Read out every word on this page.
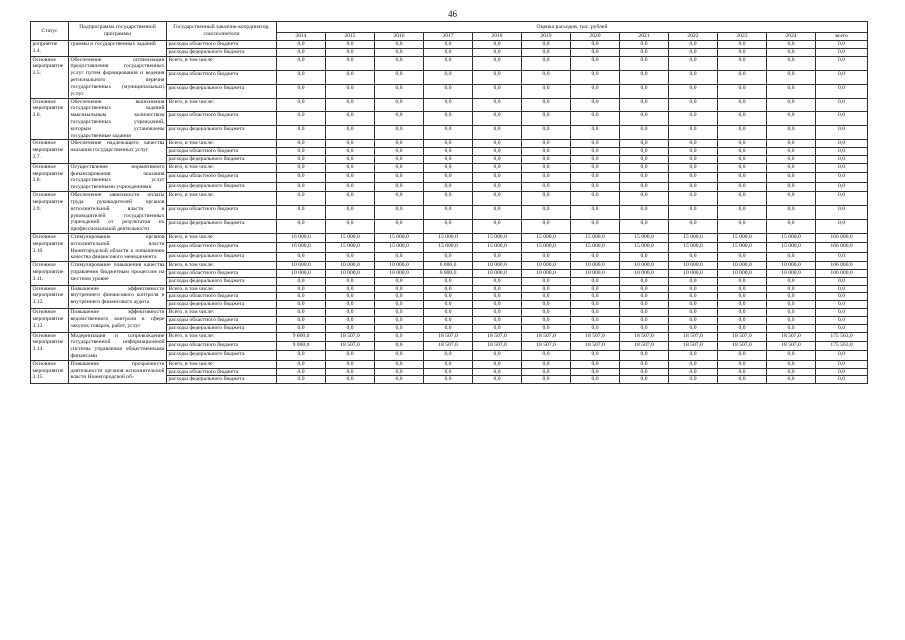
46
Статус	Подпрограмма государственной программы	Государственный заказчик-координатор, соисполнители	Оценка расходов, тыс. рублей											
			2014	2015	2016	2017	2018	2019	2020	2021	2022	2023	2024	всего
роприятие 3.4.	граммы и государственных заданий	расходы областного бюджета	0,0	0,0	0,0	0,0	0,0	0,0	0,0	0,0	0,0	0,0	0,0	0,0
		расходы федерального бюджета	0,0	0,0	0,0	0,0	0,0	0,0	0,0	0,0	0,0	0,0	0,0	0,0
Основное мероприятие 3.5.	Обеспечение оптимизации предоставления государственных услуг путем формирования и ведения регионального перечня государственных (муниципальных) услуг	Всего, в том числе:	0,0	0,0	0,0	0,0	0,0	0,0	0,0	0,0	0,0	0,0	0,0	0,0
		расходы областного бюджета	0,0	0,0	0,0	0,0	0,0	0,0	0,0	0,0	0,0	0,0	0,0	0,0
		расходы федерального бюджета	0,0	0,0	0,0	0,0	0,0	0,0	0,0	0,0	0,0	0,0	0,0	0,0
Основное мероприятие 3.6.	Обеспечение выполнения государственных заданий максимальным количеством государственных учреждений, которым установлены государственные задания	Всего, в том числе:	0,0	0,0	0,0	0,0	0,0	0,0	0,0	0,0	0,0	0,0	0,0	0,0
		расходы областного бюджета	0,0	0,0	0,0	0,0	0,0	0,0	0,0	0,0	0,0	0,0	0,0	0,0
		расходы федерального бюджета	0,0	0,0	0,0	0,0	0,0	0,0	0,0	0,0	0,0	0,0	0,0	0,0
Основное мероприятие 3.7.	Обеспечение надлежащего качества оказания государственных услуг	Всего, в том числе:	0,0	0,0	0,0	0,0	0,0	0,0	0,0	0,0	0,0	0,0	0,0	0,0
		расходы областного бюджета	0,0	0,0	0,0	0,0	0,0	0,0	0,0	0,0	0,0	0,0	0,0	0,0
		расходы федерального бюджета	0,0	0,0	0,0	0,0	0,0	0,0	0,0	0,0	0,0	0,0	0,0	0,0
Основное мероприятие 3.8.	Осуществление нормативного финансирования оказания государственных услуг государственными учреждениями	Всего, в том числе:	0,0	0,0	0,0	0,0	0,0	0,0	0,0	0,0	0,0	0,0	0,0	0,0
		расходы областного бюджета	0,0	0,0	0,0	0,0	0,0	0,0	0,0	0,0	0,0	0,0	0,0	0,0
		расходы федерального бюджета	0,0	0,0	0,0	0,0	0,0	0,0	0,0	0,0	0,0	0,0	0,0	0,0
Основное мероприятие 3.9.	Обеспечение зависимости оплаты труда руководителей органов исполнительной власти и руководителей государственных учреждений от результатов их профессиональной деятельности	Всего, в том числе:	0,0	0,0	0,0	0,0	0,0	0,0	0,0	0,0	0,0	0,0	0,0	0,0
		расходы областного бюджета	0,0	0,0	0,0	0,0	0,0	0,0	0,0	0,0	0,0	0,0	0,0	0,0
		расходы федерального бюджета	0,0	0,0	0,0	0,0	0,0	0,0	0,0	0,0	0,0	0,0	0,0	0,0
Основное мероприятие 3.10.	Стимулирование органов исполнительной власти Нижегородской области к повышению качества финансового менеджмента	Всего, в том числе:	16 000,0	15 000,0	15 000,0	15 000,0	15 000,0	15 000,0	15 000,0	15 000,0	15 000,0	15 000,0	15 000,0	166 000,0
		расходы областного бюджета	16 000,0	15 000,0	15 000,0	15 000,0	15 000,0	15 000,0	15 000,0	15 000,0	15 000,0	15 000,0	15 000,0	166 000,0
		расходы федерального бюджета	0,0	0,0	0,0	0,0	0,0	0,0	0,0	0,0	0,0	0,0	0,0	0,0
Основное мероприятие 3.11.	Стимулирование повышения качества управления бюджетным процессом на местном уровне	Всего, в том числе:	10 000,0	10 000,0	10 000,0	6 000,0	10 000,0	10 000,0	10 000,0	10 000,0	10 000,0	10 000,0	10 000,0	106 000,0
		расходы областного бюджета	10 000,0	10 000,0	10 000,0	6 000,0	10 000,0	10 000,0	10 000,0	10 000,0	10 000,0	10 000,0	10 000,0	106 000,0
		расходы федерального бюджета	0,0	0,0	0,0	0,0	0,0	0,0	0,0	0,0	0,0	0,0	0,0	0,0
Основное мероприятие 3.12.	Повышение эффективности внутреннего финансового контроля и внутреннего финансового аудита	Всего, в том числе:	0,0	0,0	0,0	0,0	0,0	0,0	0,0	0,0	0,0	0,0	0,0	0,0
		расходы областного бюджета	0,0	0,0	0,0	0,0	0,0	0,0	0,0	0,0	0,0	0,0	0,0	0,0
		расходы федерального бюджета	0,0	0,0	0,0	0,0	0,0	0,0	0,0	0,0	0,0	0,0	0,0	0,0
Основное мероприятие 3.13.	Повышение эффективности ведомственного контроля в сфере закупок товаров, работ, услуг	Всего, в том числе:	0,0	0,0	0,0	0,0	0,0	0,0	0,0	0,0	0,0	0,0	0,0	0,0
		расходы областного бюджета	0,0	0,0	0,0	0,0	0,0	0,0	0,0	0,0	0,0	0,0	0,0	0,0
		расходы федерального бюджета	0,0	0,0	0,0	0,0	0,0	0,0	0,0	0,0	0,0	0,0	0,0	0,0
Основное мероприятие 3.14.	Модернизация и сопровождение государственной информационной системы управления общественными финансами	Всего, в том числе:	9 000,0	18 507,0	0,0	18 507,0	18 507,0	18 507,0	18 507,0	18 507,0	18 507,0	18 507,0	18 507,0	175 563,0
		расходы областного бюджета	9 000,0	18 507,0	0,0	18 507,0	18 507,0	18 507,0	18 507,0	18 507,0	18 507,0	18 507,0	18 507,0	175 563,0
		расходы федерального бюджета	0,0	0,0	0,0	0,0	0,0	0,0	0,0	0,0	0,0	0,0	0,0	0,0
Основное мероприятие 3.15.	Повышение прозрачности деятельности органов исполнительной власти Нижегородской об-	Всего, в том числе:	0,0	0,0	0,0	0,0	0,0	0,0	0,0	0,0	0,0	0,0	0,0	0,0
		расходы областного бюджета	0,0	0,0	0,0	0,0	0,0	0,0	0,0	0,0	0,0	0,0	0,0	0,0
		расходы федерального бюджета	0,0	0,0	0,0	0,0	0,0	0,0	0,0	0,0	0,0	0,0	0,0	0,0
